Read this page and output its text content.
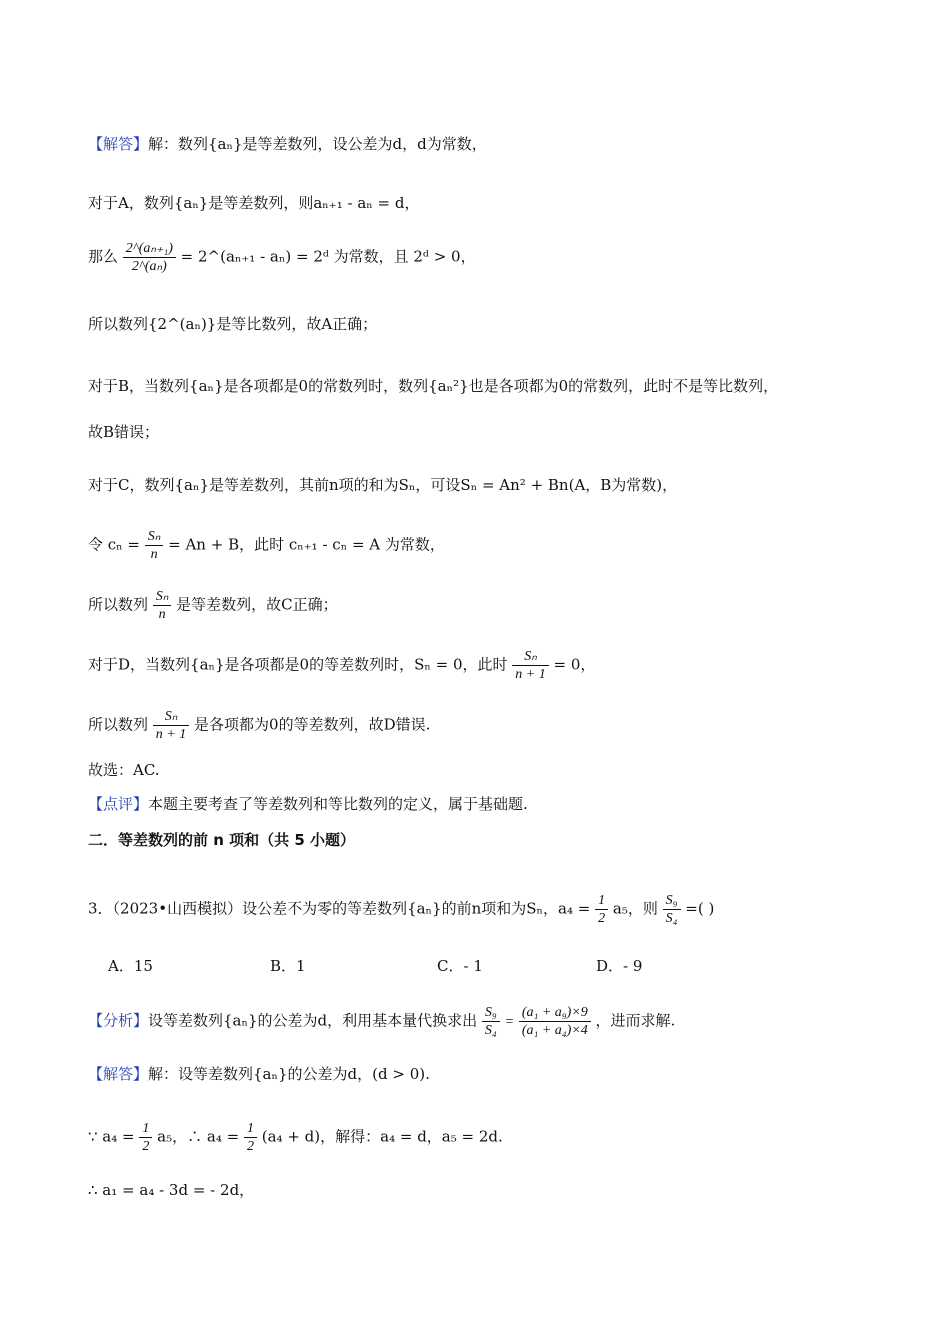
【解答】解：数列{aₙ}是等差数列，设公差为d，d为常数，
对于A，数列{aₙ}是等差数列，则aₙ₊₁ - aₙ = d，
那么 $\frac{\text{2\textasciicircum{}(aₙ₊₁)}}{\text{2\textasciicircum{}(aₙ)}}$ = 2^(aₙ₊₁ - aₙ) = 2ᵈ 为常数，且 2ᵈ > 0，
所以数列{2^(aₙ)}是等比数列，故A正确；
对于B，当数列{aₙ}是各项都是0的常数列时，数列{aₙ²}也是各项都为0的常数列，此时不是等比数列，
故B错误；
对于C，数列{aₙ}是等差数列，其前n项的和为Sₙ，可设Sₙ = An² + Bn(A，B为常数)，
令 $c_n = \frac{\text{Sₙ}}{n} = An + B$，此时 cₙ₊₁ - cₙ = A 为常数，
所以数列 $\frac{\text{Sₙ}}{n}$ 是等差数列，故C正确；
对于D，当数列{aₙ}是各项都是0的等差数列时，Sₙ = 0，此时 $\frac{\text{Sₙ}}{n + 1} = 0$，
所以数列 $\frac{\text{Sₙ}}{n + 1}$ 是各项都为0的等差数列，故D错误.
故选：AC.
【点评】本题主要考查了等差数列和等比数列的定义，属于基础题.
二．等差数列的前 n 项和（共 5 小题）
3．（2023•山西模拟）设公差不为零的等差数列{aₙ}的前n项和为Sₙ，$a_4 = \frac{1}{2} a_5$，则 $\frac{\text{S₉}}{\text{S₄}}$ =( )
A．15	B．1	C．- 1	D．- 9
【分析】设等差数列{aₙ}的公差为d，利用基本量代换求出 $\frac{\text{S₉}}{\text{S₄}} = \frac{\text{(a₁ + a₉)×9}}{\text{(a₁ + a₄)×4}}$ ，进而求解.
【解答】解：设等差数列{aₙ}的公差为d，(d > 0).
∵ $a_4 = \frac{1}{2} a_5$，∴ $a_4 = \frac{1}{2} (a_4 + d)$，解得：a₄ = d，a₅ = 2d.
∴ a₁ = a₄ - 3d = - 2d，
